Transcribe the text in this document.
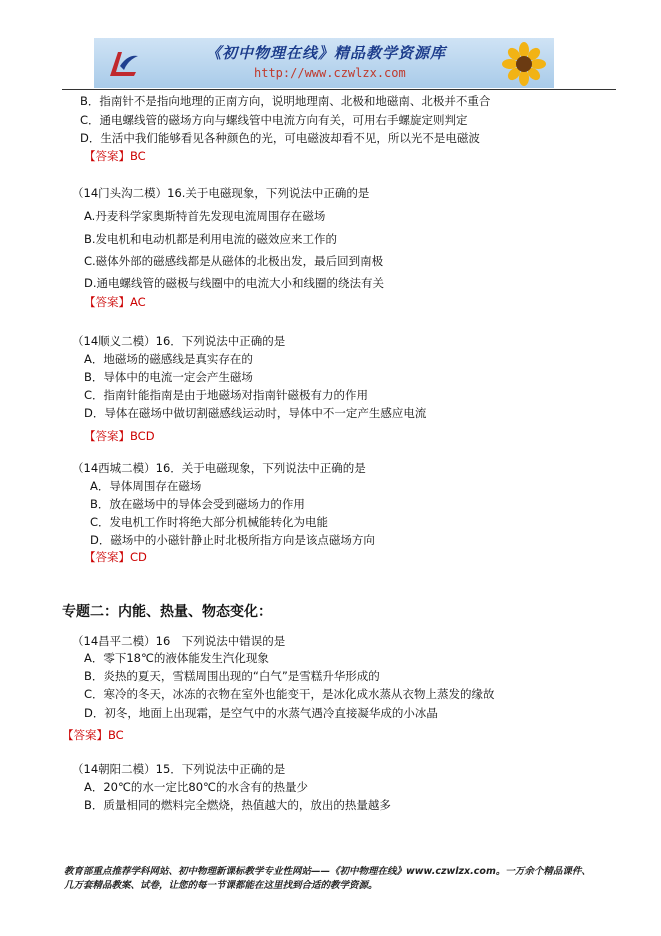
《初中物理在线》精品教学资源库
http://www.czwlzx.com
B．指南针不是指向地理的正南方向，说明地理南、北极和地磁南、北极并不重合
C．通电螺线管的磁场方向与螺线管中电流方向有关，可用右手螺旋定则判定
D．生活中我们能够看见各种颜色的光，可电磁波却看不见，所以光不是电磁波
【答案】BC
（14门头沟二模）16.关于电磁现象，下列说法中正确的是
A.丹麦科学家奥斯特首先发现电流周围存在磁场
B.发电机和电动机都是利用电流的磁效应来工作的
C.磁体外部的磁感线都是从磁体的北极出发，最后回到南极
D.通电螺线管的磁极与线圈中的电流大小和线圈的绕法有关
【答案】AC
（14顺义二模）16．下列说法中正确的是
A．地磁场的磁感线是真实存在的
B．导体中的电流一定会产生磁场
C．指南针能指南是由于地磁场对指南针磁极有力的作用
D．导体在磁场中做切割磁感线运动时，导体中不一定产生感应电流
【答案】BCD
（14西城二模）16．关于电磁现象，下列说法中正确的是
A．导体周围存在磁场
B．放在磁场中的导体会受到磁场力的作用
C．发电机工作时将绝大部分机械能转化为电能
D．磁场中的小磁针静止时北极所指方向是该点磁场方向
【答案】CD
（14昌平二模）16　下列说法中错误的是
A．零下18℃的液体能发生汽化现象
B．炎热的夏天，雪糕周围出现的“白气”是雪糕升华形成的
C．寒冷的冬天，冰冻的衣物在室外也能变干，是冰化成水蒸从衣物上蒸发的缘故
D．初冬，地面上出现霜，是空气中的水蒸气遇冷直接凝华成的小冰晶
【答案】BC
（14朝阳二模）15．下列说法中正确的是
A．20℃的水一定比80℃的水含有的热量少
B．质量相同的燃料完全燃烧，热值越大的，放出的热量越多
专题二：内能、热量、物态变化：
教育部重点推荐学科网站、初中物理新课标教学专业性网站——《初中物理在线》www.czwlzx.com。一万余个精品课件、
几万套精品教案、试卷，让您的每一节课都能在这里找到合适的教学资源。
